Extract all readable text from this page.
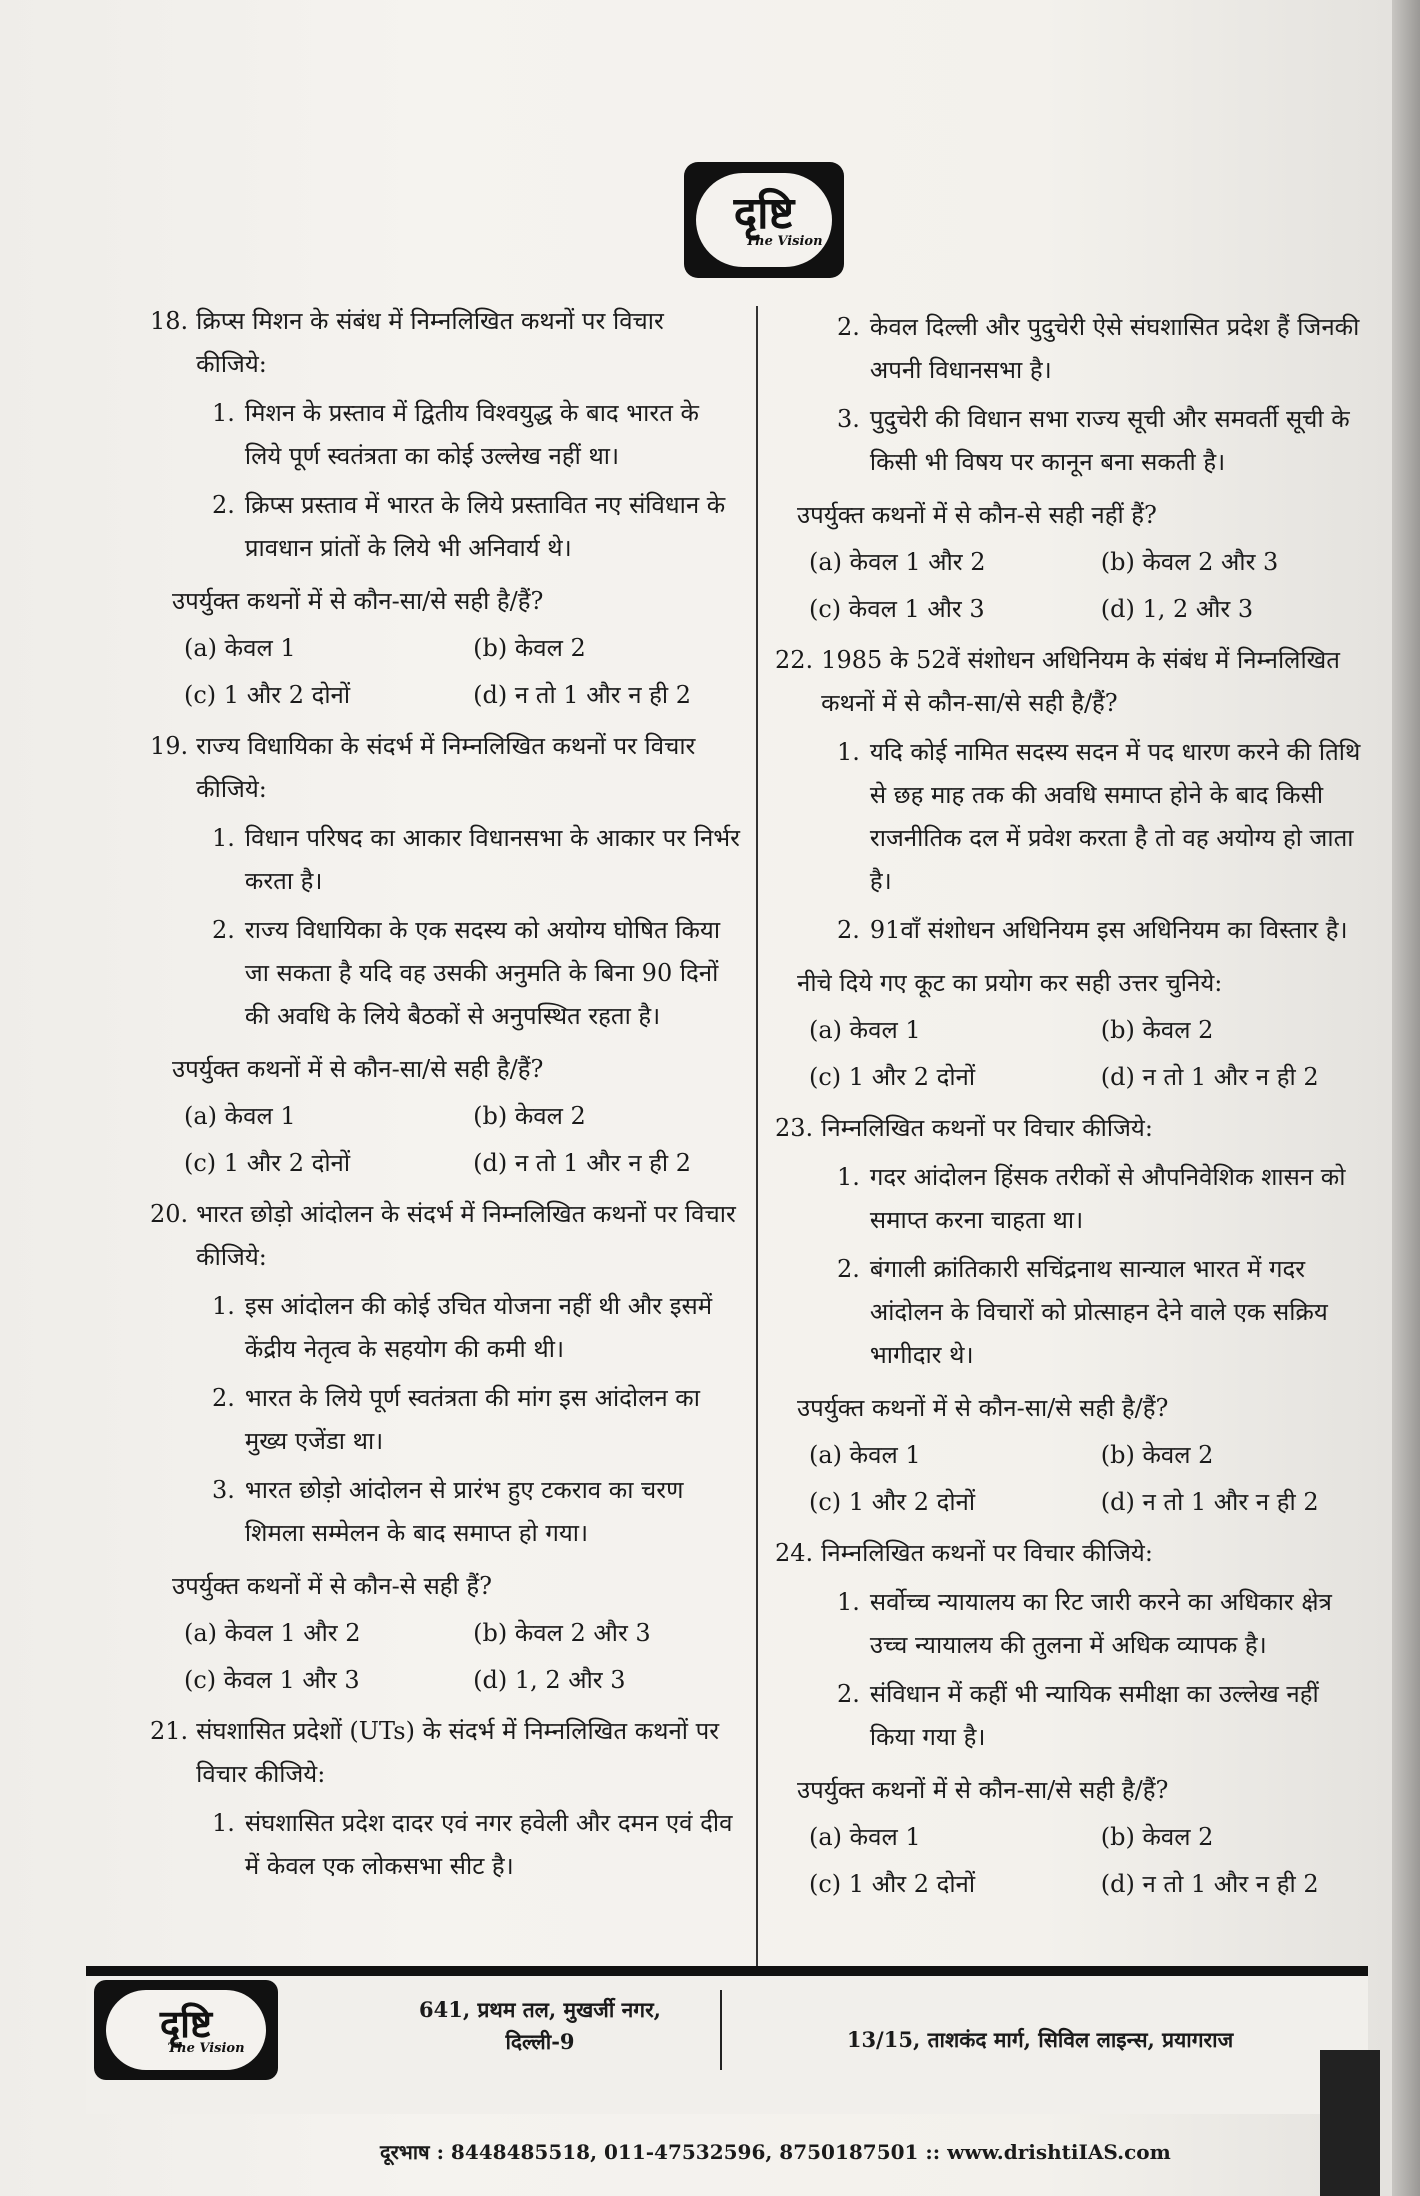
दृष्टि
The Vision
18. क्रिप्स मिशन के संबंध में निम्नलिखित कथनों पर विचार कीजिये:
1. मिशन के प्रस्ताव में द्वितीय विश्वयुद्ध के बाद भारत के लिये पूर्ण स्वतंत्रता का कोई उल्लेख नहीं था।
2. क्रिप्स प्रस्ताव में भारत के लिये प्रस्तावित नए संविधान के प्रावधान प्रांतों के लिये भी अनिवार्य थे।
उपर्युक्त कथनों में से कौन-सा/से सही है/हैं?
(a) केवल 1	(b) केवल 2
(c) 1 और 2 दोनों	(d) न तो 1 और न ही 2
19. राज्य विधायिका के संदर्भ में निम्नलिखित कथनों पर विचार कीजिये:
1. विधान परिषद का आकार विधानसभा के आकार पर निर्भर करता है।
2. राज्य विधायिका के एक सदस्य को अयोग्य घोषित किया जा सकता है यदि वह उसकी अनुमति के बिना 90 दिनों की अवधि के लिये बैठकों से अनुपस्थित रहता है।
उपर्युक्त कथनों में से कौन-सा/से सही है/हैं?
(a) केवल 1	(b) केवल 2
(c) 1 और 2 दोनों	(d) न तो 1 और न ही 2
20. भारत छोड़ो आंदोलन के संदर्भ में निम्नलिखित कथनों पर विचार कीजिये:
1. इस आंदोलन की कोई उचित योजना नहीं थी और इसमें केंद्रीय नेतृत्व के सहयोग की कमी थी।
2. भारत के लिये पूर्ण स्वतंत्रता की मांग इस आंदोलन का मुख्य एजेंडा था।
3. भारत छोड़ो आंदोलन से प्रारंभ हुए टकराव का चरण शिमला सम्मेलन के बाद समाप्त हो गया।
उपर्युक्त कथनों में से कौन-से सही हैं?
(a) केवल 1 और 2	(b) केवल 2 और 3
(c) केवल 1 और 3	(d) 1, 2 और 3
21. संघशासित प्रदेशों (UTs) के संदर्भ में निम्नलिखित कथनों पर विचार कीजिये:
1. संघशासित प्रदेश दादर एवं नगर हवेली और दमन एवं दीव में केवल एक लोकसभा सीट है।
2. केवल दिल्ली और पुदुचेरी ऐसे संघशासित प्रदेश हैं जिनकी अपनी विधानसभा है।
3. पुदुचेरी की विधान सभा राज्य सूची और समवर्ती सूची के किसी भी विषय पर कानून बना सकती है।
उपर्युक्त कथनों में से कौन-से सही नहीं हैं?
(a) केवल 1 और 2	(b) केवल 2 और 3
(c) केवल 1 और 3	(d) 1, 2 और 3
22. 1985 के 52वें संशोधन अधिनियम के संबंध में निम्नलिखित कथनों में से कौन-सा/से सही है/हैं?
1. यदि कोई नामित सदस्य सदन में पद धारण करने की तिथि से छह माह तक की अवधि समाप्त होने के बाद किसी राजनीतिक दल में प्रवेश करता है तो वह अयोग्य हो जाता है।
2. 91वाँ संशोधन अधिनियम इस अधिनियम का विस्तार है।
नीचे दिये गए कूट का प्रयोग कर सही उत्तर चुनिये:
(a) केवल 1	(b) केवल 2
(c) 1 और 2 दोनों	(d) न तो 1 और न ही 2
23. निम्नलिखित कथनों पर विचार कीजिये:
1. गदर आंदोलन हिंसक तरीकों से औपनिवेशिक शासन को समाप्त करना चाहता था।
2. बंगाली क्रांतिकारी सचिंद्रनाथ सान्याल भारत में गदर आंदोलन के विचारों को प्रोत्साहन देने वाले एक सक्रिय भागीदार थे।
उपर्युक्त कथनों में से कौन-सा/से सही है/हैं?
(a) केवल 1	(b) केवल 2
(c) 1 और 2 दोनों	(d) न तो 1 और न ही 2
24. निम्नलिखित कथनों पर विचार कीजिये:
1. सर्वोच्च न्यायालय का रिट जारी करने का अधिकार क्षेत्र उच्च न्यायालय की तुलना में अधिक व्यापक है।
2. संविधान में कहीं भी न्यायिक समीक्षा का उल्लेख नहीं किया गया है।
उपर्युक्त कथनों में से कौन-सा/से सही है/हैं?
(a) केवल 1	(b) केवल 2
(c) 1 और 2 दोनों	(d) न तो 1 और न ही 2
दृष्टि
The Vision
641, प्रथम तल, मुखर्जी नगर, दिल्ली-9	13/15, ताशकंद मार्ग, सिविल लाइन्स, प्रयागराज
दूरभाष : 8448485518, 011-47532596, 8750187501 :: www.drishtiIAS.com
